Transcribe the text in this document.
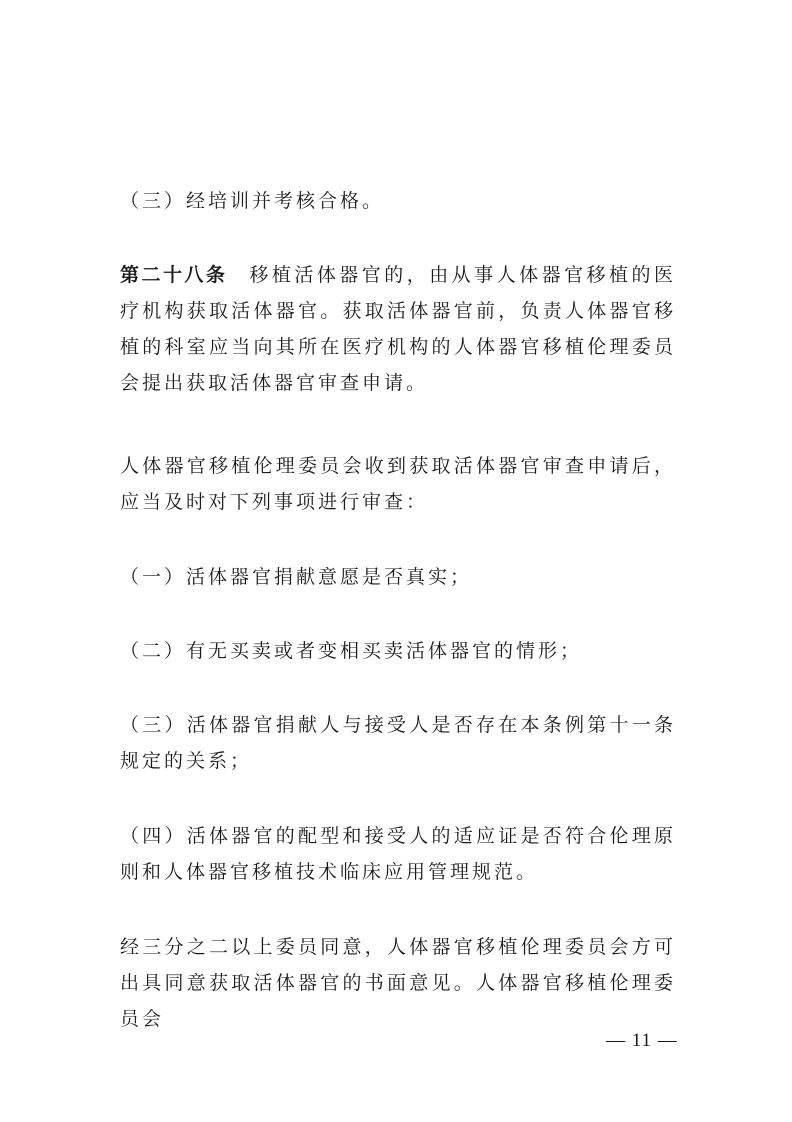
（三）经培训并考核合格。

第二十八条 移植活体器官的，由从事人体器官移植的医疗机构获取活体器官。获取活体器官前，负责人体器官移植的科室应当向其所在医疗机构的人体器官移植伦理委员会提出获取活体器官审查申请。

人体器官移植伦理委员会收到获取活体器官审查申请后，应当及时对下列事项进行审查：

（一）活体器官捐献意愿是否真实；

（二）有无买卖或者变相买卖活体器官的情形；

（三）活体器官捐献人与接受人是否存在本条例第十一条规定的关系；

（四）活体器官的配型和接受人的适应证是否符合伦理原则和人体器官移植技术临床应用管理规范。

经三分之二以上委员同意，人体器官移植伦理委员会方可出具同意获取活体器官的书面意见。人体器官移植伦理委员会

— 11 —
